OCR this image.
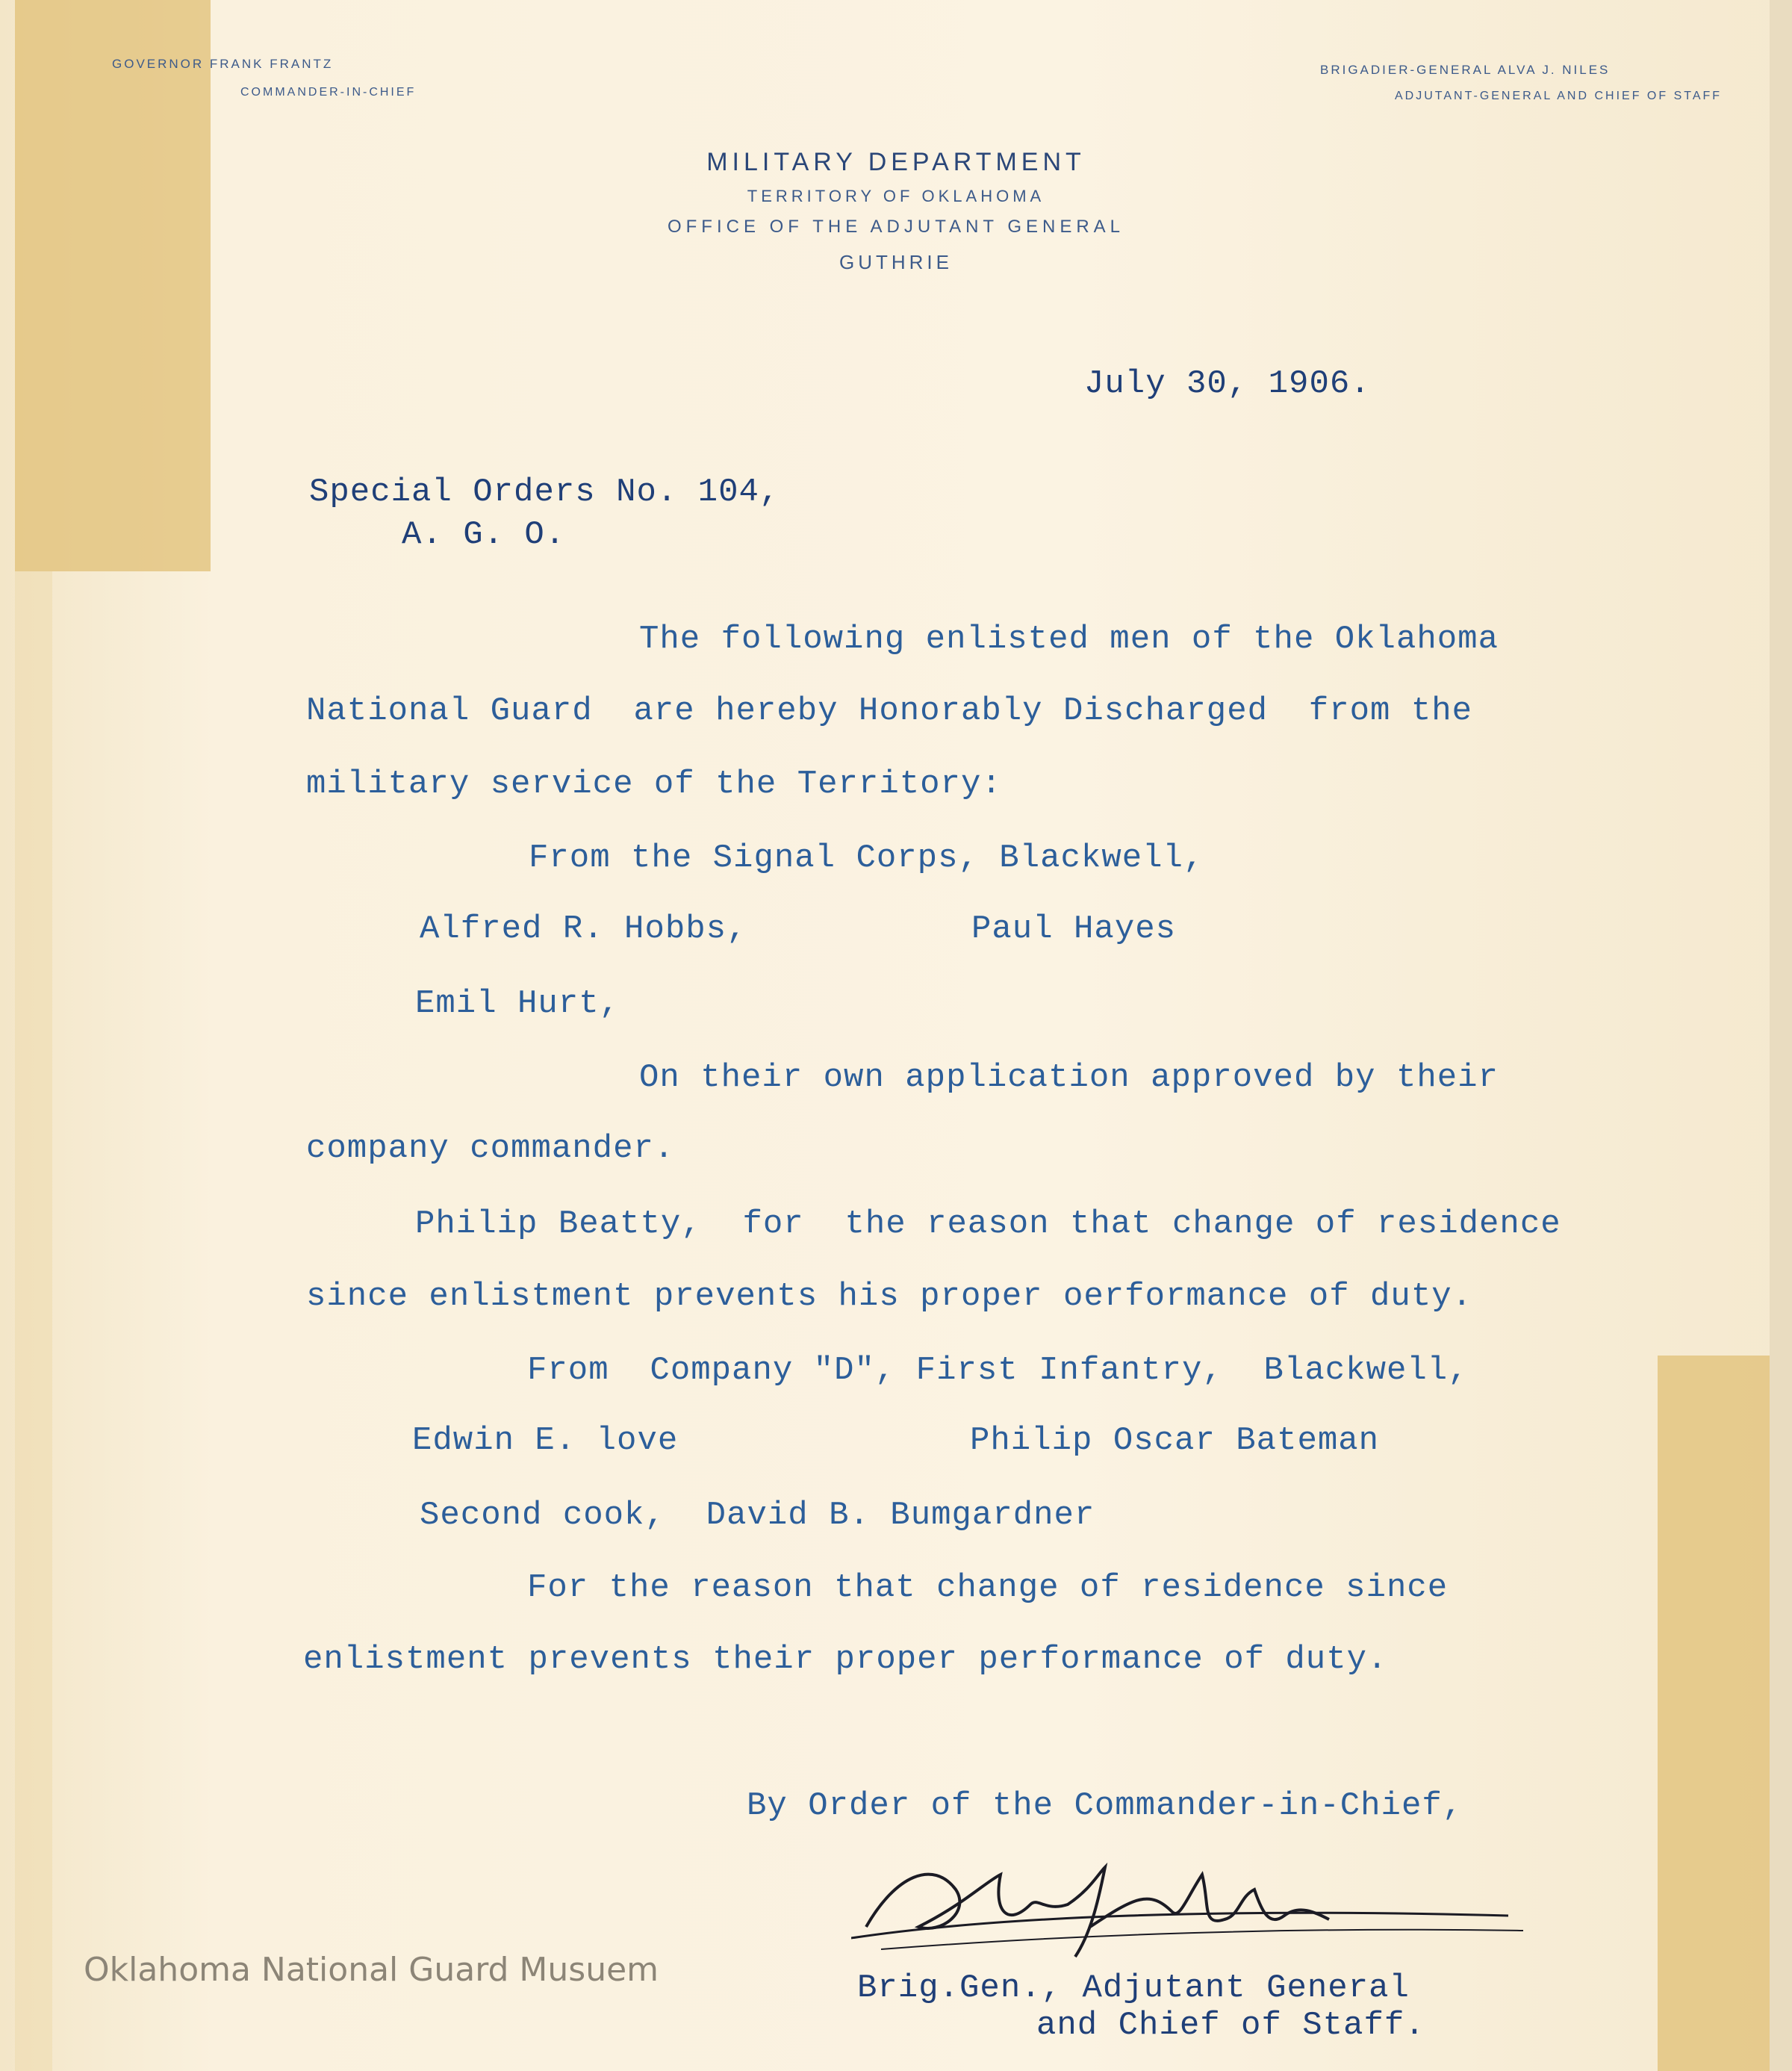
GOVERNOR FRANK FRANTZ
COMMANDER-IN-CHIEF
BRIGADIER-GENERAL ALVA J. NILES
ADJUTANT-GENERAL AND CHIEF OF STAFF
MILITARY DEPARTMENT
TERRITORY OF OKLAHOMA
OFFICE OF THE ADJUTANT GENERAL
GUTHRIE
July 30, 1906.
Special Orders No. 104,
A. G. O.
The following enlisted men of the Oklahoma
National Guard  are hereby Honorably Discharged  from the
military service of the Territory:
From the Signal Corps, Blackwell,
Alfred R. Hobbs,	Paul Hayes
Emil Hurt,
On their own application approved by their
company commander.
Philip Beatty,  for  the reason that change of residence
since enlistment prevents his proper oerformance of duty.
From  Company "D", First Infantry,  Blackwell,
Edwin E. love	Philip Oscar Bateman
Second cook,  David B. Bumgardner
For the reason that change of residence since
enlistment prevents their proper performance of duty.
By Order of the Commander-in-Chief,
Brig.Gen., Adjutant General
and Chief of Staff.
Oklahoma National Guard Musuem
